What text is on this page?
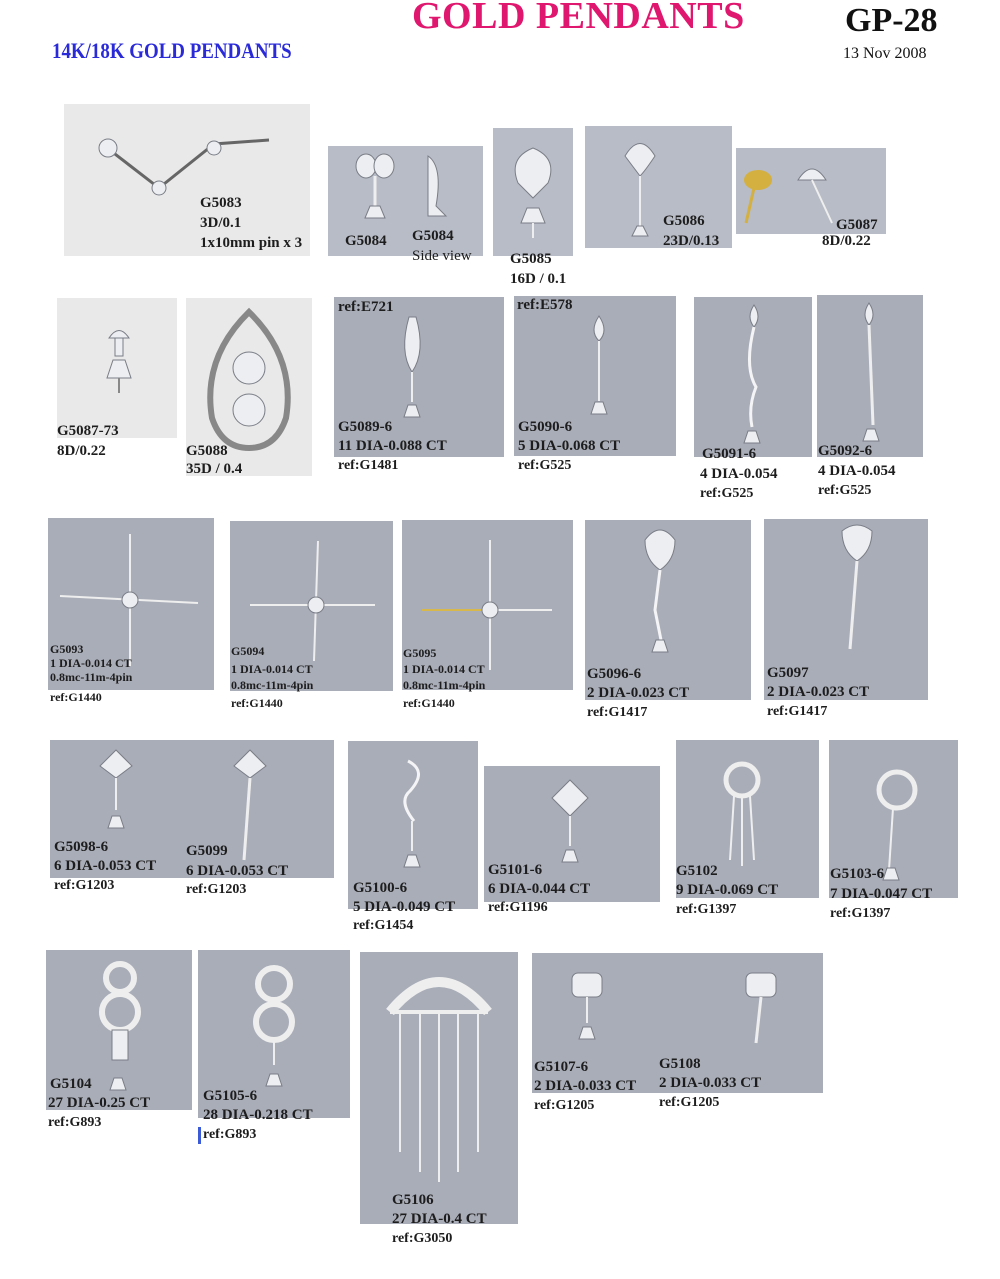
GOLD PENDANTS	GP-28
13 Nov 2008
14K/18K GOLD PENDANTS
G5083
3D/0.1
1x10mm pin x 3	G5084 G5084
Side view	G5085
16D / 0.1
G5086
23D/0.13
G5087
8D/0.22
G5087-73
8D/0.22	G5088
35D / 0.4
ref:E721
G5089-6
11 DIA-0.088 CT
ref:G1481
ref:E578
G5090-6
5 DIA-0.068 CT
ref:G525
G5091-6
4 DIA-0.054
ref:G525
G5092-6
4 DIA-0.054
ref:G525
G5093
1 DIA-0.014 CT
0.8mc-11m-4pin
ref:G1440
G5094
1 DIA-0.014 CT
0.8mc-11m-4pin
ref:G1440
G5095
1 DIA-0.014 CT
0.8mc-11m-4pin
ref:G1440
G5096-6
2 DIA-0.023 CT
ref:G1417
G5097
2 DIA-0.023 CT
ref:G1417
G5098-6
6 DIA-0.053 CT
ref:G1203
G5099
6 DIA-0.053 CT
ref:G1203	G5100-6
5 DIA-0.049 CT
ref:G1454
G5101-6
6 DIA-0.044 CT
ref:G1196
G5102
9 DIA-0.069 CT
ref:G1397
G5103-6
7 DIA-0.047 CT
ref:G1397
G5104
27 DIA-0.25 CT
ref:G893
G5105-6
28 DIA-0.218 CT
ref:G893
G5106
27 DIA-0.4 CT
ref:G3050
G5107-6
2 DIA-0.033 CT
ref:G1205
G5108
2 DIA-0.033 CT
ref:G1205
